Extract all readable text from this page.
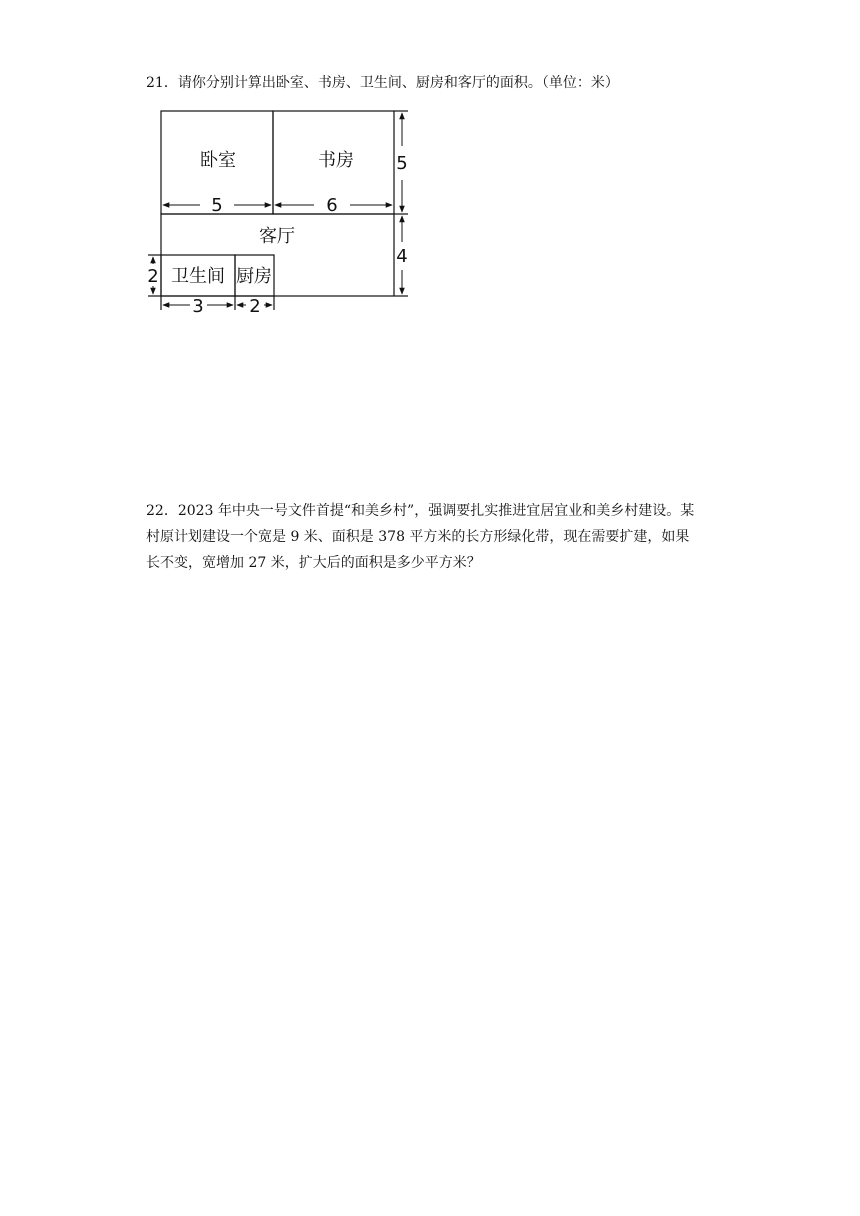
21．请你分别计算出卧室、书房、卫生间、厨房和客厅的面积。（单位：米）
卧室	书房
客厅
卫生间 厨房
5	6
5
4
2
3	2
22．2023 年中央一号文件首提“和美乡村”，强调要扎实推进宜居宜业和美乡村建设。某
村原计划建设一个宽是 9 米、面积是 378 平方米的长方形绿化带，现在需要扩建，如果
长不变，宽增加 27 米，扩大后的面积是多少平方米？
